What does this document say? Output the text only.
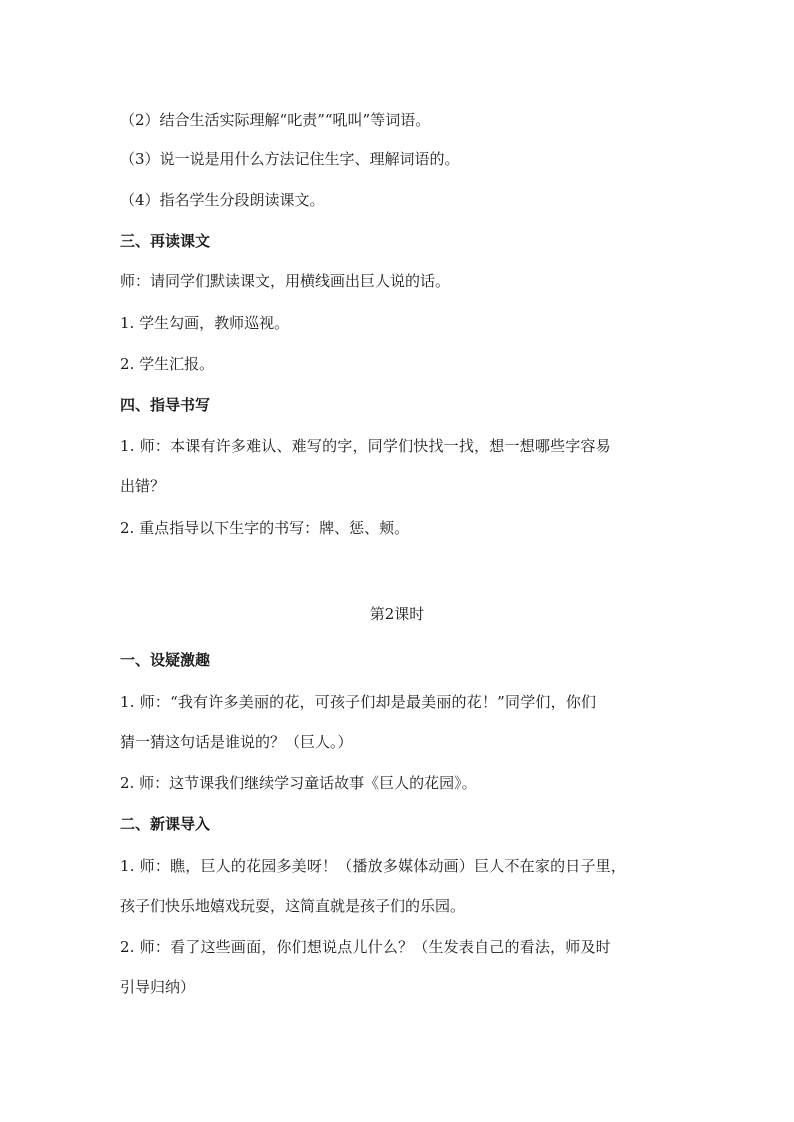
（2）结合生活实际理解“叱责”“吼叫”等词语。
（3）说一说是用什么方法记住生字、理解词语的。
（4）指名学生分段朗读课文。
三、再读课文
师：请同学们默读课文，用横线画出巨人说的话。
1. 学生勾画，教师巡视。
2. 学生汇报。
四、指导书写
1. 师：本课有许多难认、难写的字，同学们快找一找，想一想哪些字容易
出错？
2. 重点指导以下生字的书写：牌、惩、颊。
第2课时
一、设疑激趣
1. 师：“我有许多美丽的花，可孩子们却是最美丽的花！”同学们，你们
猜一猜这句话是谁说的？（巨人。）
2. 师：这节课我们继续学习童话故事《巨人的花园》。
二、新课导入
1. 师：瞧，巨人的花园多美呀！（播放多媒体动画）巨人不在家的日子里，
孩子们快乐地嬉戏玩耍，这简直就是孩子们的乐园。
2. 师：看了这些画面，你们想说点儿什么？（生发表自己的看法，师及时
引导归纳）
